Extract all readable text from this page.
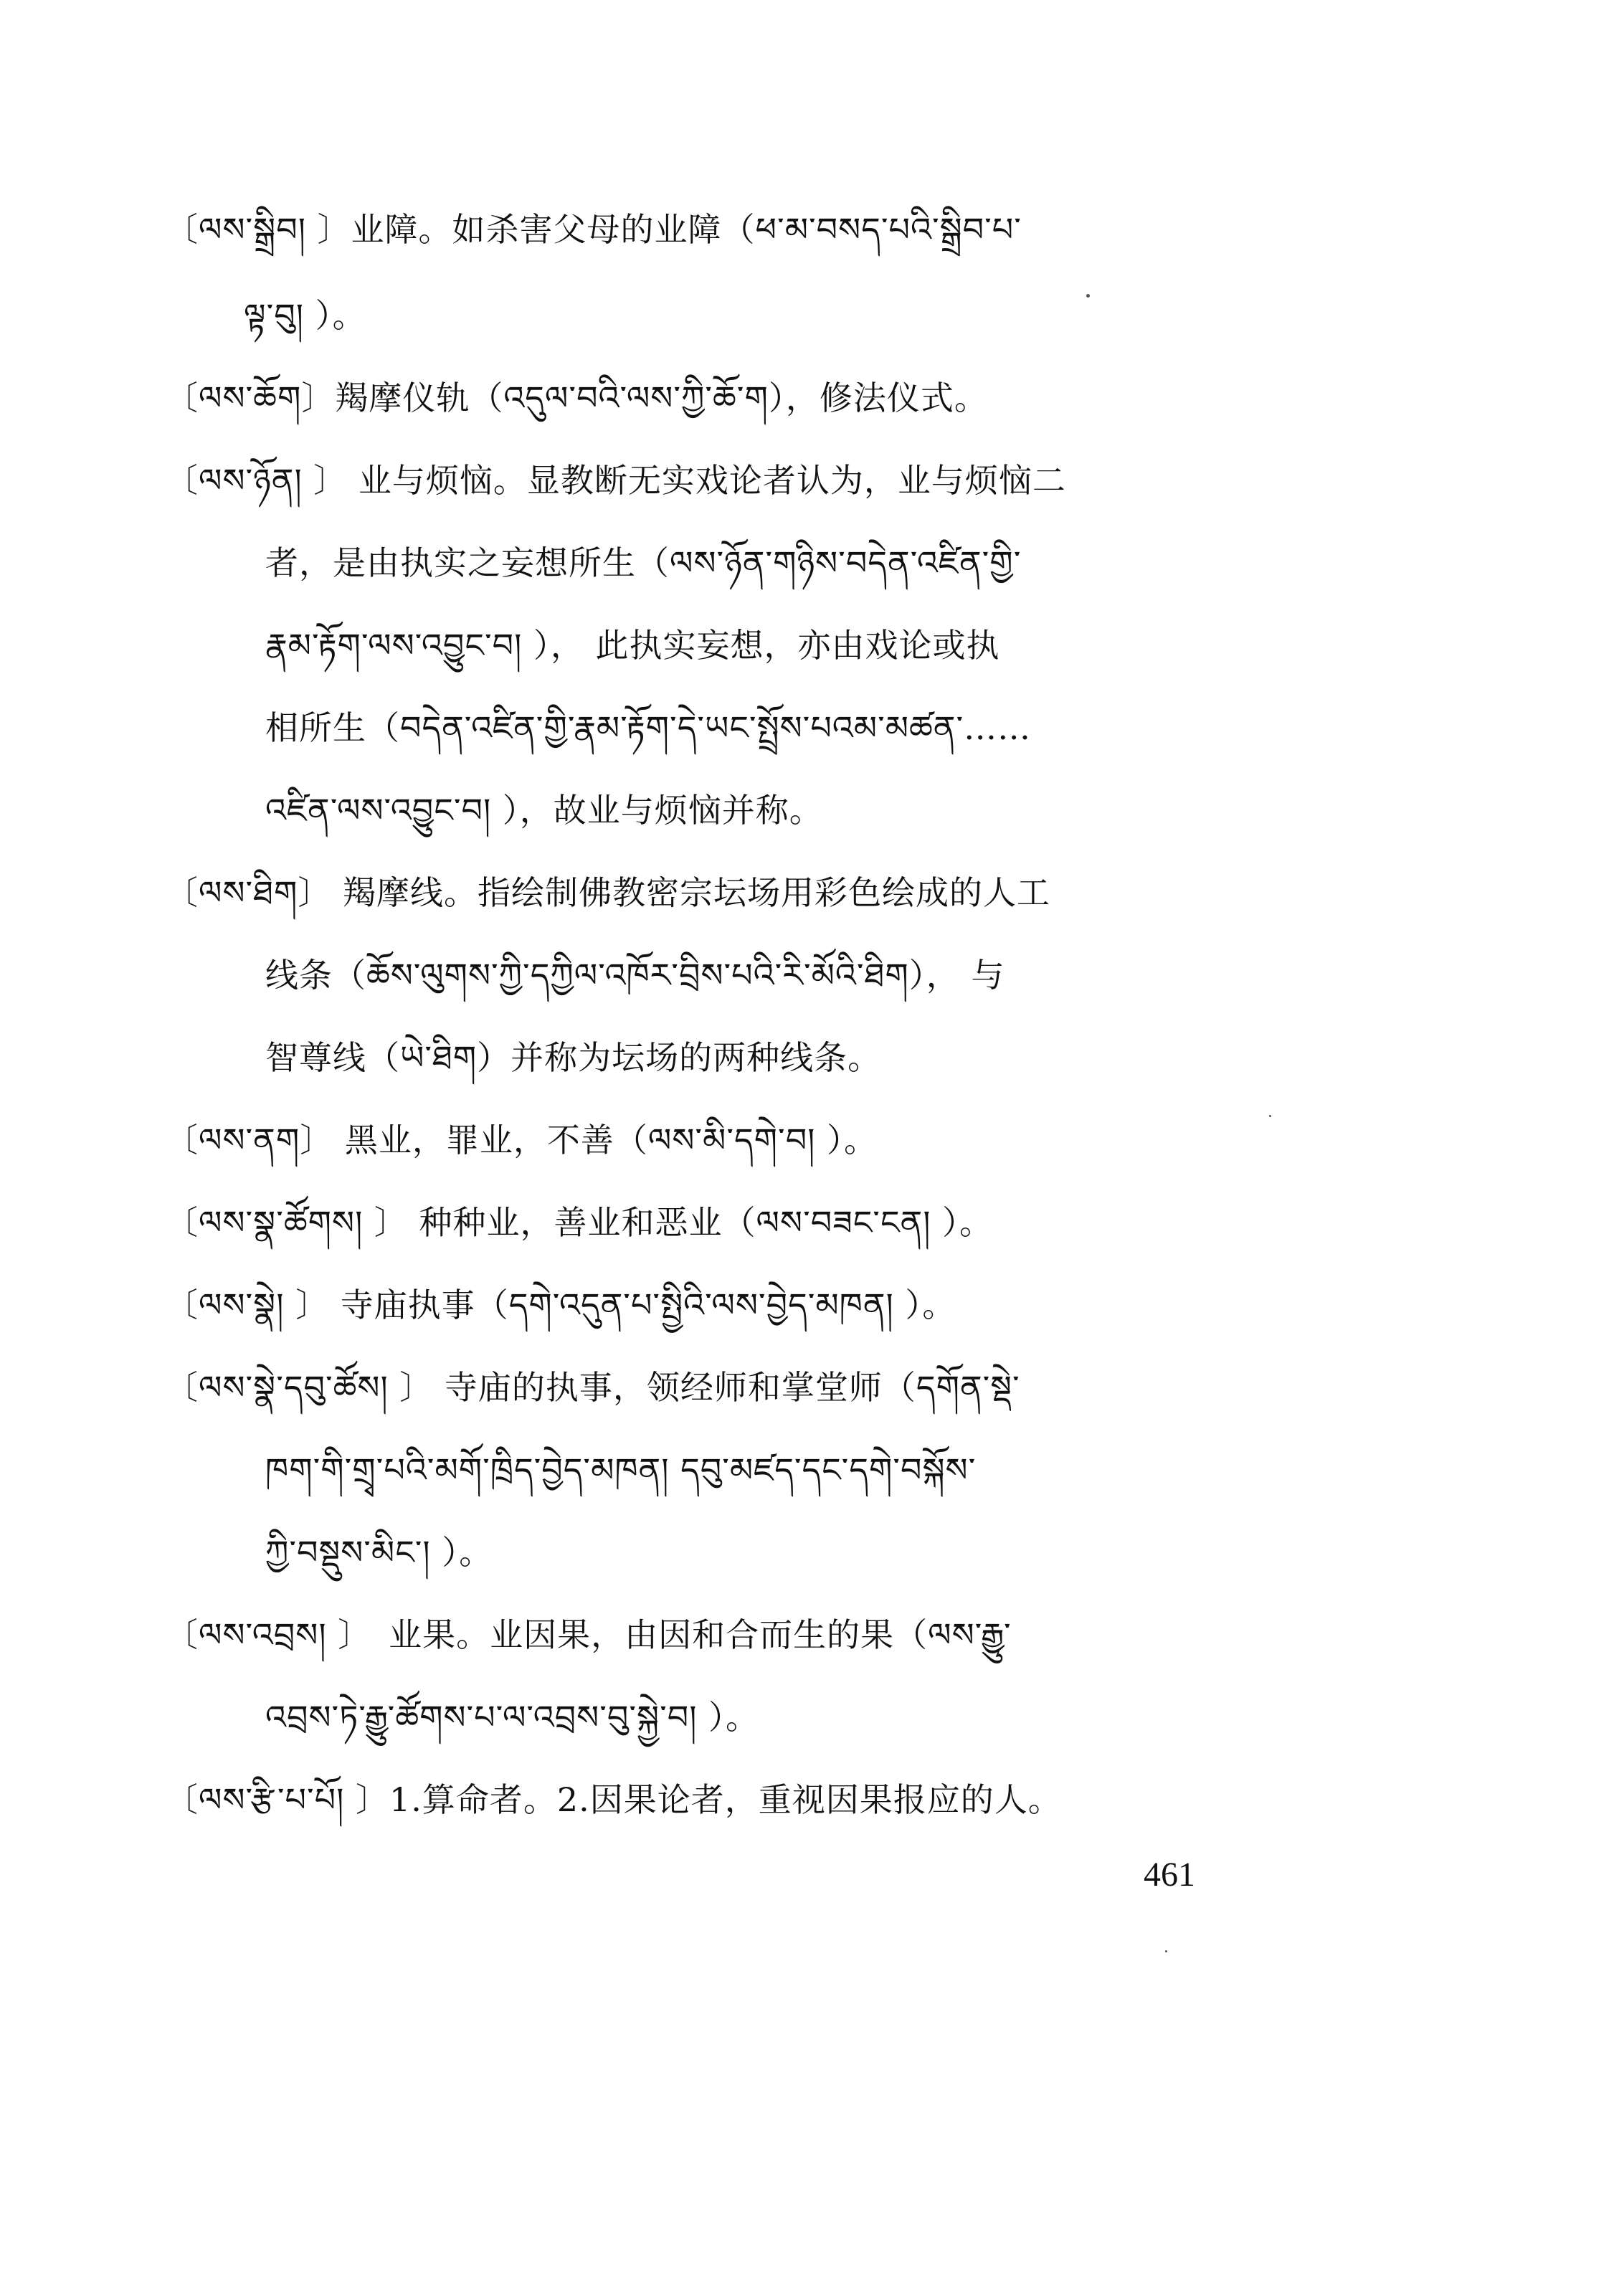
〔ལས་སྒྲིབ། 〕业障。如杀害父母的业障（ཕ་མ་བསད་པའི་སྒྲིབ་པ་
ལྟ་བུ། ）。
〔ལས་ཆོག〕羯摩仪轨（འདུལ་བའི་ལས་ཀྱི་ཆོ་ག），修法仪式。
〔ལས་ཉོན། 〕 业与烦恼。显教断无实戏论者认为，业与烦恼二
者，是由执实之妄想所生（ལས་ཉོན་གཉིས་བདེན་འཛིན་གྱི་
རྣམ་རྟོག་ལས་འབྱུང་བ། ）， 此执实妄想，亦由戏论或执
相所生（བདེན་འཛིན་གྱི་རྣམ་རྟོག་དེ་ཡང་སྤྲོས་པའམ་མཚན་……
འཛིན་ལས་འབྱུང་བ། ），故业与烦恼并称。
〔ལས་ཐིག〕 羯摩线。指绘制佛教密宗坛场用彩色绘成的人工
线条（ཆོས་ལུགས་ཀྱི་དཀྱིལ་འཁོར་བྲིས་པའི་རི་མོའི་ཐིག）， 与
智尊线（ཡེ་ཐིག）并称为坛场的两种线条。
〔ལས་ནག〕 黑业，罪业，不善（ལས་མི་དགེ་བ། ）。
〔ལས་སྣ་ཚོགས། 〕 种种业，善业和恶业（ལས་བཟང་ངན། ）。
〔ལས་སྣེ། 〕 寺庙执事（དགེ་འདུན་པ་སྤྱིའི་ལས་བྱེད་མཁན། ）。
〔ལས་སྣེ་དབུ་ཚོས། 〕 寺庙的执事，领经师和掌堂师（དགོན་སྡེ་
ཁག་གི་གྲྭ་པའི་མགོ་ཁྲིད་བྱེད་མཁན། དབུ་མཛད་དང་དགེ་བསྐོས་
ཀྱི་བསྡུས་མིང་། ）。
〔ལས་འབྲས། 〕　业果。业因果，由因和合而生的果（ལས་རྒྱུ་
འབྲས་ཏེ་རྒྱུ་ཚོགས་པ་ལ་འབྲས་བུ་སྐྱེ་བ། ）。
〔ལས་རྩི་པ་པོ། 〕1.算命者。2.因果论者，重视因果报应的人。
461
